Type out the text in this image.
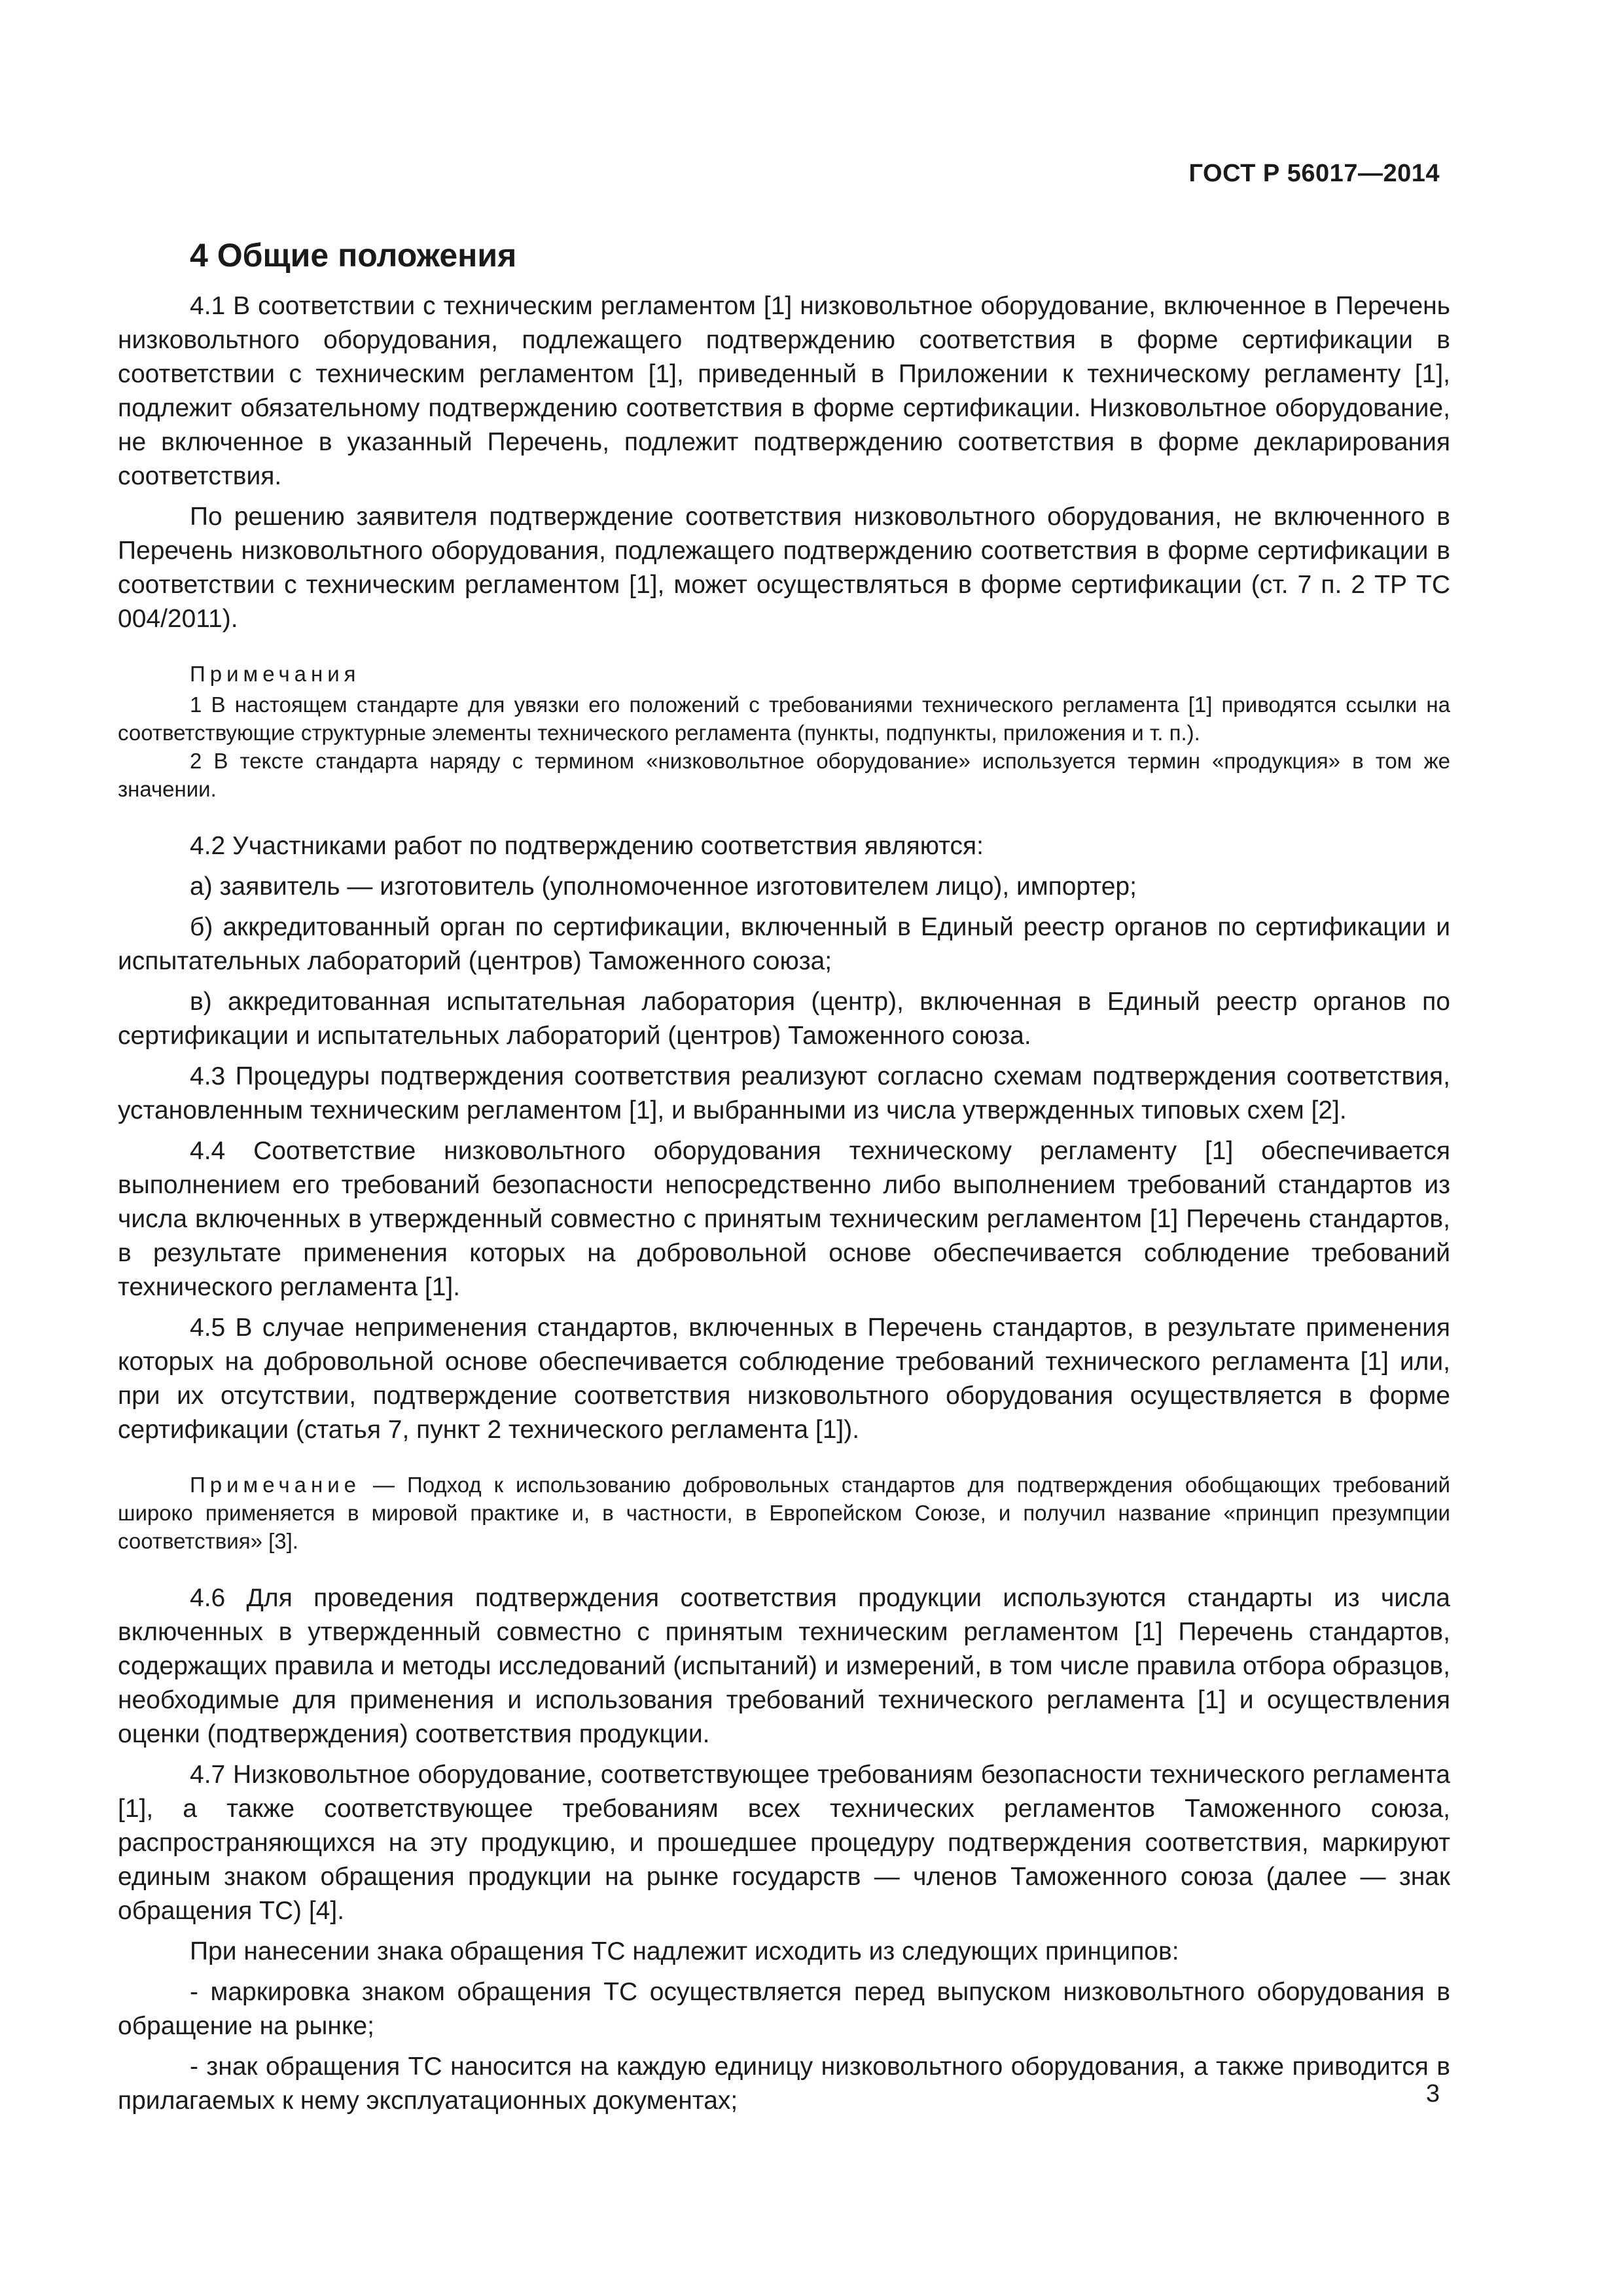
ГОСТ Р 56017—2014
4 Общие положения

4.1 В соответствии с техническим регламентом [1] низковольтное оборудование, включенное в Перечень низковольтного оборудования, подлежащего подтверждению соответствия в форме сертификации в соответствии с техническим регламентом [1], приведенный в Приложении к техническому регламенту [1], подлежит обязательному подтверждению соответствия в форме сертификации. Низковольтное оборудование, не включенное в указанный Перечень, подлежит подтверждению соответствия в форме декларирования соответствия.

По решению заявителя подтверждение соответствия низковольтного оборудования, не включенного в Перечень низковольтного оборудования, подлежащего подтверждению соответствия в форме сертификации в соответствии с техническим регламентом [1], может осуществляться в форме сертификации (ст. 7 п. 2 ТР ТС 004/2011).

Примечания

1 В настоящем стандарте для увязки его положений с требованиями технического регламента [1] приводятся ссылки на соответствующие структурные элементы технического регламента (пункты, подпункты, приложения и т. п.).

2 В тексте стандарта наряду с термином «низковольтное оборудование» используется термин «продукция» в том же значении.

4.2 Участниками работ по подтверждению соответствия являются:

а) заявитель — изготовитель (уполномоченное изготовителем лицо), импортер;

б) аккредитованный орган по сертификации, включенный в Единый реестр органов по сертификации и испытательных лабораторий (центров) Таможенного союза;

в) аккредитованная испытательная лаборатория (центр), включенная в Единый реестр органов по сертификации и испытательных лабораторий (центров) Таможенного союза.

4.3 Процедуры подтверждения соответствия реализуют согласно схемам подтверждения соответствия, установленным техническим регламентом [1], и выбранными из числа утвержденных типовых схем [2].

4.4 Соответствие низковольтного оборудования техническому регламенту [1] обеспечивается выполнением его требований безопасности непосредственно либо выполнением требований стандартов из числа включенных в утвержденный совместно с принятым техническим регламентом [1] Перечень стандартов, в результате применения которых на добровольной основе обеспечивается соблюдение требований технического регламента [1].

4.5 В случае неприменения стандартов, включенных в Перечень стандартов, в результате применения которых на добровольной основе обеспечивается соблюдение требований технического регламента [1] или, при их отсутствии, подтверждение соответствия низковольтного оборудования осуществляется в форме сертификации (статья 7, пункт 2 технического регламента [1]).

Примечание — Подход к использованию добровольных стандартов для подтверждения обобщающих требований широко применяется в мировой практике и, в частности, в Европейском Союзе, и получил название «принцип презумпции соответствия» [3].

4.6 Для проведения подтверждения соответствия продукции используются стандарты из числа включенных в утвержденный совместно с принятым техническим регламентом [1] Перечень стандартов, содержащих правила и методы исследований (испытаний) и измерений, в том числе правила отбора образцов, необходимые для применения и использования требований технического регламента [1] и осуществления оценки (подтверждения) соответствия продукции.

4.7 Низковольтное оборудование, соответствующее требованиям безопасности технического регламента [1], а также соответствующее требованиям всех технических регламентов Таможенного союза, распространяющихся на эту продукцию, и прошедшее процедуру подтверждения соответствия, маркируют единым знаком обращения продукции на рынке государств — членов Таможенного союза (далее — знак обращения ТС) [4].

При нанесении знака обращения ТС надлежит исходить из следующих принципов:

- маркировка знаком обращения ТС осуществляется перед выпуском низковольтного оборудования в обращение на рынке;

- знак обращения ТС наносится на каждую единицу низковольтного оборудования, а также приводится в прилагаемых к нему эксплуатационных документах;	3
